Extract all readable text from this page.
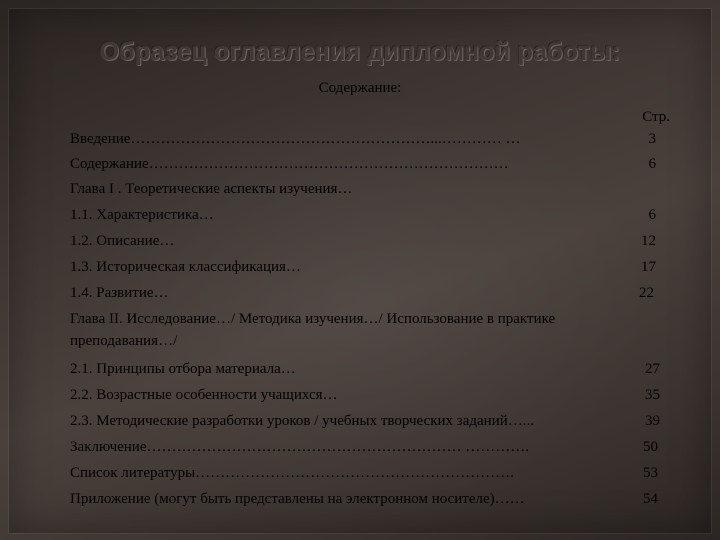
Образец оглавления дипломной работы:
Содержание:
Стр.
Введение……………………………………………………...………… …	3
Содержание………………………………………………………………	6
Глава I . Теоретические аспекты изучения…
1.1. Характеристика…	6
1.2. Описание…	12
1.3. Историческая классификация…	17
1.4. Развитие…	22
Глава II. Исследование…/ Методика изучения…/ Использование в практике
преподавания…/
2.1. Принципы отбора материала…	27
2.2. Возрастные особенности учащихся…	35
2.3. Методические разработки уроков / учебных творческих заданий…...	39
Заключение……………………………………………………… ………….	50
Список литературы……………………………………………………….	53
Приложение (могут быть представлены на электронном носителе)……	54
